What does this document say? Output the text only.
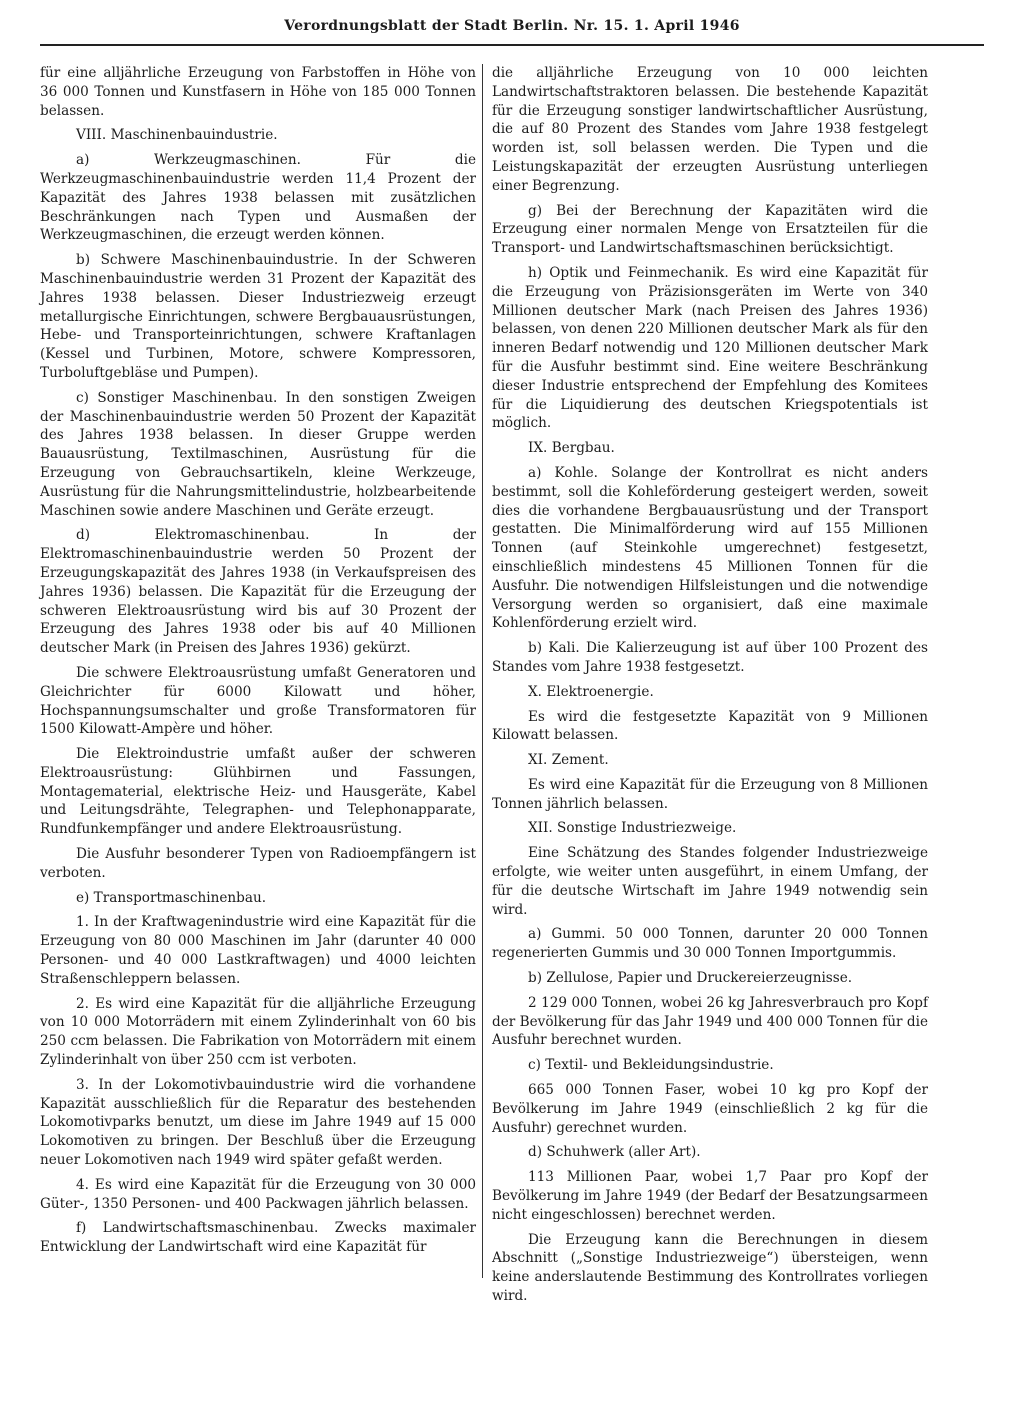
Verordnungsblatt der Stadt Berlin. Nr. 15. 1. April 1946

für eine alljährliche Erzeugung von Farbstoffen in Höhe von 36 000 Tonnen und Kunstfasern in Höhe von 185 000 Tonnen belassen.

VIII. Maschinenbauindustrie.

a) Werkzeugmaschinen. Für die Werkzeugmaschinenbauindustrie werden 11,4 Prozent der Kapazität des Jahres 1938 belassen mit zusätzlichen Beschränkungen nach Typen und Ausmaßen der Werkzeugmaschinen, die erzeugt werden können.

b) Schwere Maschinenbauindustrie. In der Schweren Maschinenbauindustrie werden 31 Prozent der Kapazität des Jahres 1938 belassen. Dieser Industriezweig erzeugt metallurgische Einrichtungen, schwere Bergbauausrüstungen, Hebe- und Transporteinrichtungen, schwere Kraftanlagen (Kessel und Turbinen, Motore, schwere Kompressoren, Turboluftgebläse und Pumpen).

c) Sonstiger Maschinenbau. In den sonstigen Zweigen der Maschinenbauindustrie werden 50 Prozent der Kapazität des Jahres 1938 belassen. In dieser Gruppe werden Bauausrüstung, Textilmaschinen, Ausrüstung für die Erzeugung von Gebrauchsartikeln, kleine Werkzeuge, Ausrüstung für die Nahrungsmittelindustrie, holzbearbeitende Maschinen sowie andere Maschinen und Geräte erzeugt.

d) Elektromaschinenbau. In der Elektromaschinenbauindustrie werden 50 Prozent der Erzeugungskapazität des Jahres 1938 (in Verkaufspreisen des Jahres 1936) belassen. Die Kapazität für die Erzeugung der schweren Elektroausrüstung wird bis auf 30 Prozent der Erzeugung des Jahres 1938 oder bis auf 40 Millionen deutscher Mark (in Preisen des Jahres 1936) gekürzt.

Die schwere Elektroausrüstung umfaßt Generatoren und Gleichrichter für 6000 Kilowatt und höher, Hochspannungsumschalter und große Transformatoren für 1500 Kilowatt-Ampère und höher.

Die Elektroindustrie umfaßt außer der schweren Elektroausrüstung: Glühbirnen und Fassungen, Montagematerial, elektrische Heiz- und Hausgeräte, Kabel und Leitungsdrähte, Telegraphen- und Telephonapparate, Rundfunkempfänger und andere Elektroausrüstung.

Die Ausfuhr besonderer Typen von Radioempfängern ist verboten.

e) Transportmaschinenbau.

1. In der Kraftwagenindustrie wird eine Kapazität für die Erzeugung von 80 000 Maschinen im Jahr (darunter 40 000 Personen- und 40 000 Lastkraftwagen) und 4000 leichten Straßenschleppern belassen.

2. Es wird eine Kapazität für die alljährliche Erzeugung von 10 000 Motorrädern mit einem Zylinderinhalt von 60 bis 250 ccm belassen. Die Fabrikation von Motorrädern mit einem Zylinderinhalt von über 250 ccm ist verboten.

3. In der Lokomotivbauindustrie wird die vorhandene Kapazität ausschließlich für die Reparatur des bestehenden Lokomotivparks benutzt, um diese im Jahre 1949 auf 15 000 Lokomotiven zu bringen. Der Beschluß über die Erzeugung neuer Lokomotiven nach 1949 wird später gefaßt werden.

4. Es wird eine Kapazität für die Erzeugung von 30 000 Güter-, 1350 Personen- und 400 Packwagen jährlich belassen.

f) Landwirtschaftsmaschinenbau. Zwecks maximaler Entwicklung der Landwirtschaft wird eine Kapazität für

die alljährliche Erzeugung von 10 000 leichten Landwirtschaftstraktoren belassen. Die bestehende Kapazität für die Erzeugung sonstiger landwirtschaftlicher Ausrüstung, die auf 80 Prozent des Standes vom Jahre 1938 festgelegt worden ist, soll belassen werden. Die Typen und die Leistungskapazität der erzeugten Ausrüstung unterliegen einer Begrenzung.

g) Bei der Berechnung der Kapazitäten wird die Erzeugung einer normalen Menge von Ersatzteilen für die Transport- und Landwirtschaftsmaschinen berücksichtigt.

h) Optik und Feinmechanik. Es wird eine Kapazität für die Erzeugung von Präzisionsgeräten im Werte von 340 Millionen deutscher Mark (nach Preisen des Jahres 1936) belassen, von denen 220 Millionen deutscher Mark als für den inneren Bedarf notwendig und 120 Millionen deutscher Mark für die Ausfuhr bestimmt sind. Eine weitere Beschränkung dieser Industrie entsprechend der Empfehlung des Komitees für die Liquidierung des deutschen Kriegspotentials ist möglich.

IX. Bergbau.

a) Kohle. Solange der Kontrollrat es nicht anders bestimmt, soll die Kohleförderung gesteigert werden, soweit dies die vorhandene Bergbauausrüstung und der Transport gestatten. Die Minimalförderung wird auf 155 Millionen Tonnen (auf Steinkohle umgerechnet) festgesetzt, einschließlich mindestens 45 Millionen Tonnen für die Ausfuhr. Die notwendigen Hilfsleistungen und die notwendige Versorgung werden so organisiert, daß eine maximale Kohlenförderung erzielt wird.

b) Kali. Die Kalierzeugung ist auf über 100 Prozent des Standes vom Jahre 1938 festgesetzt.

X. Elektroenergie.

Es wird die festgesetzte Kapazität von 9 Millionen Kilowatt belassen.

XI. Zement.

Es wird eine Kapazität für die Erzeugung von 8 Millionen Tonnen jährlich belassen.

XII. Sonstige Industriezweige.

Eine Schätzung des Standes folgender Industriezweige erfolgte, wie weiter unten ausgeführt, in einem Umfang, der für die deutsche Wirtschaft im Jahre 1949 notwendig sein wird.

a) Gummi. 50 000 Tonnen, darunter 20 000 Tonnen regenerierten Gummis und 30 000 Tonnen Importgummis.

b) Zellulose, Papier und Druckereierzeugnisse.

2 129 000 Tonnen, wobei 26 kg Jahresverbrauch pro Kopf der Bevölkerung für das Jahr 1949 und 400 000 Tonnen für die Ausfuhr berechnet wurden.

c) Textil- und Bekleidungsindustrie.

665 000 Tonnen Faser, wobei 10 kg pro Kopf der Bevölkerung im Jahre 1949 (einschließlich 2 kg für die Ausfuhr) gerechnet wurden.

d) Schuhwerk (aller Art).

113 Millionen Paar, wobei 1,7 Paar pro Kopf der Bevölkerung im Jahre 1949 (der Bedarf der Besatzungsarmeen nicht eingeschlossen) berechnet werden.

Die Erzeugung kann die Berechnungen in diesem Abschnitt („Sonstige Industriezweige“) übersteigen, wenn keine anderslautende Bestimmung des Kontrollrates vorliegen wird.
